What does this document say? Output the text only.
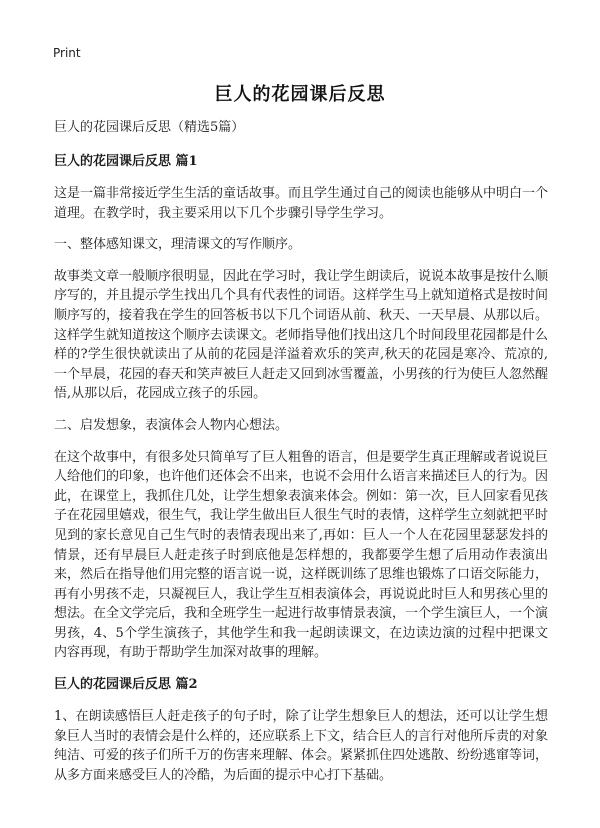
Print
巨人的花园课后反思
巨人的花园课后反思（精选5篇）
巨人的花园课后反思 篇1

这是一篇非常接近学生生活的童话故事。而且学生通过自己的阅读也能够从中明白一个道理。在教学时，我主要采用以下几个步骤引导学生学习。

一、整体感知课文，理清课文的写作顺序。

故事类文章一般顺序很明显，因此在学习时，我让学生朗读后，说说本故事是按什么顺序写的，并且提示学生找出几个具有代表性的词语。这样学生马上就知道格式是按时间顺序写的，接着我在学生的回答板书以下几个词语从前、秋天、一天早晨、从那以后。这样学生就知道按这个顺序去读课文。老师指导他们找出这几个时间段里花园都是什么样的?学生很快就读出了从前的花园是洋溢着欢乐的笑声,秋天的花园是寒冷、荒凉的,一个早晨，花园的春天和笑声被巨人赶走又回到冰雪覆盖，小男孩的行为使巨人忽然醒悟,从那以后，花园成立孩子的乐园。

二、启发想象，表演体会人物内心想法。

在这个故事中，有很多处只简单写了巨人粗鲁的语言，但是要学生真正理解或者说说巨人给他们的印象，也许他们还体会不出来，也说不会用什么语言来描述巨人的行为。因此，在课堂上，我抓住几处，让学生想象表演来体会。例如：第一次，巨人回家看见孩子在花园里嬉戏，很生气，我让学生做出巨人很生气时的表情，这样学生立刻就把平时见到的家长意见自己生气时的表情表现出来了,再如：巨人一个人在花园里瑟瑟发抖的情景，还有早晨巨人赶走孩子时到底他是怎样想的，我都要学生想了后用动作表演出来，然后在指导他们用完整的语言说一说，这样既训练了思维也锻炼了口语交际能力，再有小男孩不走，只凝视巨人，我让学生互相表演体会，再说说此时巨人和男孩心里的想法。在全文学完后，我和全班学生一起进行故事情景表演，一个学生演巨人，一个演男孩，4、5个学生演孩子，其他学生和我一起朗读课文，在边读边演的过程中把课文内容再现，有助于帮助学生加深对故事的理解。

巨人的花园课后反思 篇2

1、在朗读感悟巨人赶走孩子的句子时，除了让学生想象巨人的想法，还可以让学生想象巨人当时的表情会是什么样的，还应联系上下文，结合巨人的言行对他所斥责的对象纯洁、可爱的孩子们所千万的伤害来理解、体会。紧紧抓住四处逃散、纷纷逃窜等词，从多方面来感受巨人的冷酷，为后面的提示中心打下基础。
